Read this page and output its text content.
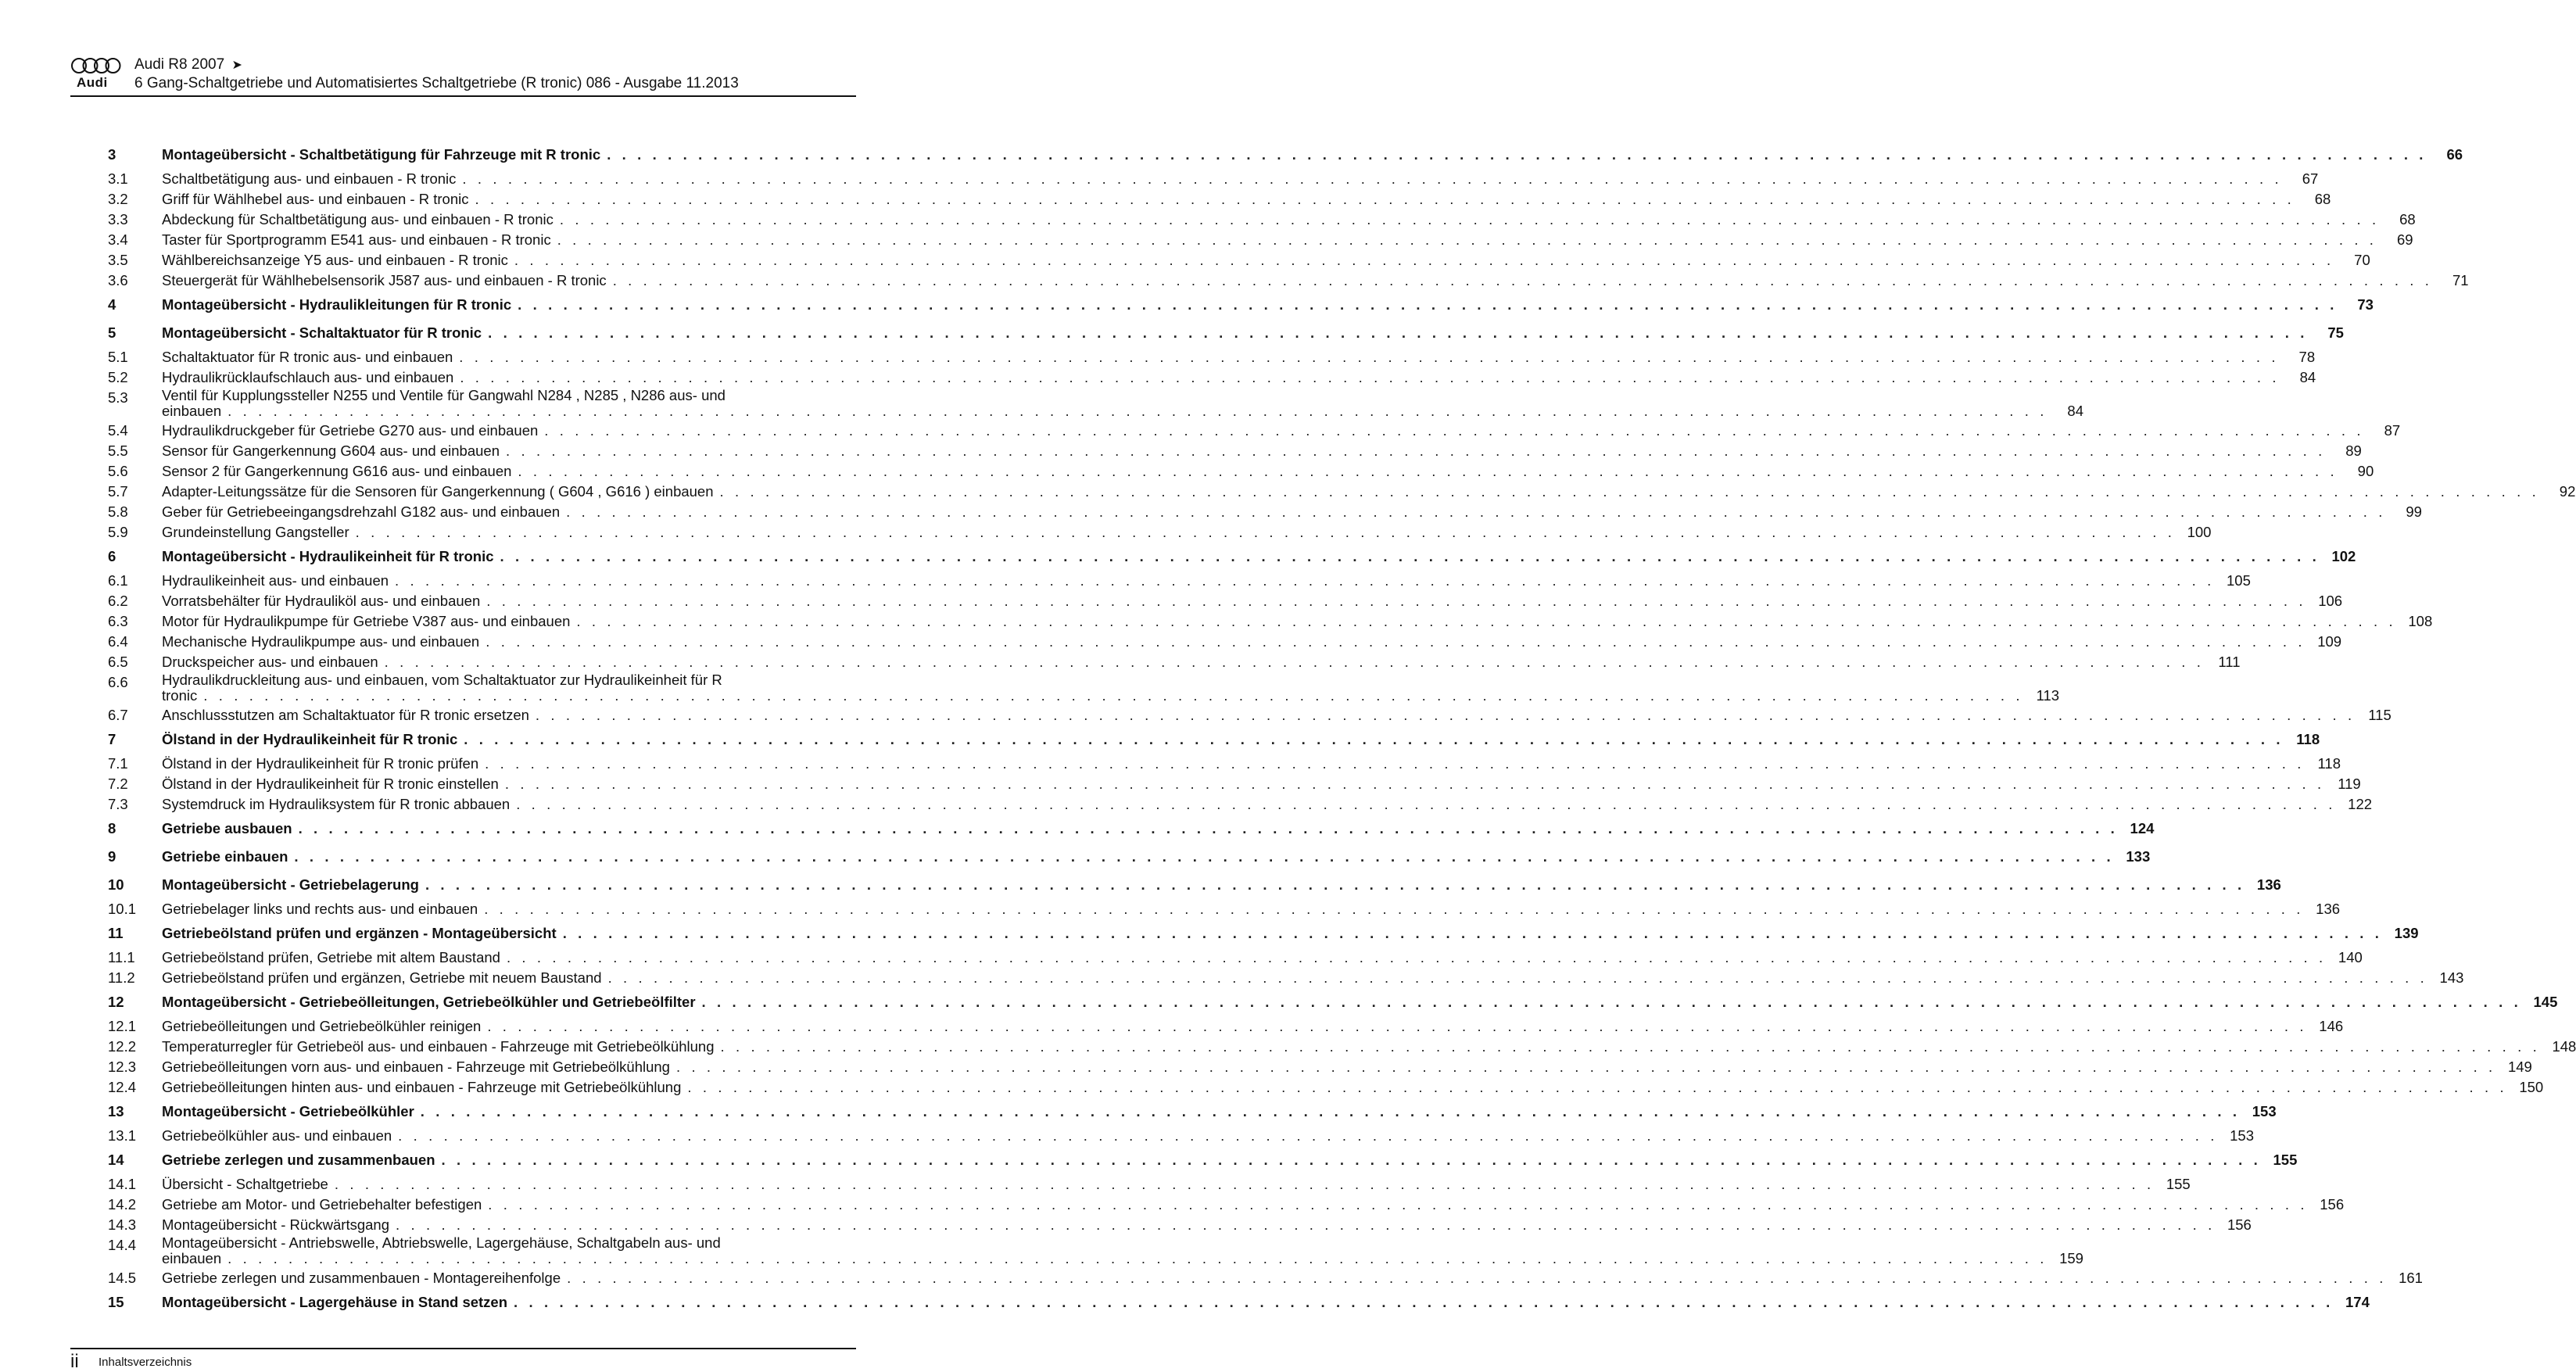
Audi
Audi R8 2007 ➤
6 Gang-Schaltgetriebe und Automatisiertes Schaltgetriebe (R tronic) 086 - Ausgabe 11.2013
3	Montageübersicht - Schaltbetätigung für Fahrzeuge mit R tronic . . . . . . . . . . . . . . . . . . . . . . . . . . . . . . . . . . . . . . . . . . . . . . . . . . . . . . . . . . . . . . . . . . . . . . . . . . . . . . . . . . . . . . . . . . . . . . . . . . . . . . . . . . . . . . . . . . . . . . . .	66
3.1	Schaltbetätigung aus- und einbauen - R tronic . . . . . . . . . . . . . . . . . . . . . . . . . . . . . . . . . . . . . . . . . . . . . . . . . . . . . . . . . . . . . . . . . . . . . . . . . . . . . . . . . . . . . . . . . . . . . . . . . . . . . . . . . . . . . . . . . . . . . . . .	67
3.2	Griff für Wählhebel aus- und einbauen - R tronic . . . . . . . . . . . . . . . . . . . . . . . . . . . . . . . . . . . . . . . . . . . . . . . . . . . . . . . . . . . . . . . . . . . . . . . . . . . . . . . . . . . . . . . . . . . . . . . . . . . . . . . . . . . . . . . . . . . . . . . .	68
3.3	Abdeckung für Schaltbetätigung aus- und einbauen - R tronic . . . . . . . . . . . . . . . . . . . . . . . . . . . . . . . . . . . . . . . . . . . . . . . . . . . . . . . . . . . . . . . . . . . . . . . . . . . . . . . . . . . . . . . . . . . . . . . . . . . . . . . . . . . . . . . . . . . . . . . .	68
3.4	Taster für Sportprogramm E541 aus- und einbauen - R tronic . . . . . . . . . . . . . . . . . . . . . . . . . . . . . . . . . . . . . . . . . . . . . . . . . . . . . . . . . . . . . . . . . . . . . . . . . . . . . . . . . . . . . . . . . . . . . . . . . . . . . . . . . . . . . . . . . . . . . . . .	69
3.5	Wählbereichsanzeige Y5 aus- und einbauen - R tronic . . . . . . . . . . . . . . . . . . . . . . . . . . . . . . . . . . . . . . . . . . . . . . . . . . . . . . . . . . . . . . . . . . . . . . . . . . . . . . . . . . . . . . . . . . . . . . . . . . . . . . . . . . . . . . . . . . . . . . . .	70
3.6	Steuergerät für Wählhebelsensorik J587 aus- und einbauen - R tronic . . . . . . . . . . . . . . . . . . . . . . . . . . . . . . . . . . . . . . . . . . . . . . . . . . . . . . . . . . . . . . . . . . . . . . . . . . . . . . . . . . . . . . . . . . . . . . . . . . . . . . . . . . . . . . . . . . . . . . . .	71
4	Montageübersicht - Hydraulikleitungen für R tronic . . . . . . . . . . . . . . . . . . . . . . . . . . . . . . . . . . . . . . . . . . . . . . . . . . . . . . . . . . . . . . . . . . . . . . . . . . . . . . . . . . . . . . . . . . . . . . . . . . . . . . . . . . . . . . . . . . . . . . . .	73
5	Montageübersicht - Schaltaktuator für R tronic . . . . . . . . . . . . . . . . . . . . . . . . . . . . . . . . . . . . . . . . . . . . . . . . . . . . . . . . . . . . . . . . . . . . . . . . . . . . . . . . . . . . . . . . . . . . . . . . . . . . . . . . . . . . . . . . . . . . . . . .	75
5.1	Schaltaktuator für R tronic aus- und einbauen . . . . . . . . . . . . . . . . . . . . . . . . . . . . . . . . . . . . . . . . . . . . . . . . . . . . . . . . . . . . . . . . . . . . . . . . . . . . . . . . . . . . . . . . . . . . . . . . . . . . . . . . . . . . . . . . . . . . . . . .	78
5.2	Hydraulikrücklaufschlauch aus- und einbauen . . . . . . . . . . . . . . . . . . . . . . . . . . . . . . . . . . . . . . . . . . . . . . . . . . . . . . . . . . . . . . . . . . . . . . . . . . . . . . . . . . . . . . . . . . . . . . . . . . . . . . . . . . . . . . . . . . . . . . . .	84
5.3	Ventil für Kupplungssteller N255 und Ventile für Gangwahl N284 , N285 , N286 aus- und
einbauen . . . . . . . . . . . . . . . . . . . . . . . . . . . . . . . . . . . . . . . . . . . . . . . . . . . . . . . . . . . . . . . . . . . . . . . . . . . . . . . . . . . . . . . . . . . . . . . . . . . . . . . . . . . . . . . . . . . . . . . .	84
5.4	Hydraulikdruckgeber für Getriebe G270 aus- und einbauen . . . . . . . . . . . . . . . . . . . . . . . . . . . . . . . . . . . . . . . . . . . . . . . . . . . . . . . . . . . . . . . . . . . . . . . . . . . . . . . . . . . . . . . . . . . . . . . . . . . . . . . . . . . . . . . . . . . . . . . .	87
5.5	Sensor für Gangerkennung G604 aus- und einbauen . . . . . . . . . . . . . . . . . . . . . . . . . . . . . . . . . . . . . . . . . . . . . . . . . . . . . . . . . . . . . . . . . . . . . . . . . . . . . . . . . . . . . . . . . . . . . . . . . . . . . . . . . . . . . . . . . . . . . . . .	89
5.6	Sensor 2 für Gangerkennung G616 aus- und einbauen . . . . . . . . . . . . . . . . . . . . . . . . . . . . . . . . . . . . . . . . . . . . . . . . . . . . . . . . . . . . . . . . . . . . . . . . . . . . . . . . . . . . . . . . . . . . . . . . . . . . . . . . . . . . . . . . . . . . . . . .	90
5.7	Adapter-Leitungssätze für die Sensoren für Gangerkennung ( G604 , G616 ) einbauen . . . . . . . . . . . . . . . . . . . . . . . . . . . . . . . . . . . . . . . . . . . . . . . . . . . . . . . . . . . . . . . . . . . . . . . . . . . . . . . . . . . . . . . . . . . . . . . . . . . . . . . . . . . . . . . . . . . . . . . .	92
5.8	Geber für Getriebeeingangsdrehzahl G182 aus- und einbauen . . . . . . . . . . . . . . . . . . . . . . . . . . . . . . . . . . . . . . . . . . . . . . . . . . . . . . . . . . . . . . . . . . . . . . . . . . . . . . . . . . . . . . . . . . . . . . . . . . . . . . . . . . . . . . . . . . . . . . . .	99
5.9	Grundeinstellung Gangsteller . . . . . . . . . . . . . . . . . . . . . . . . . . . . . . . . . . . . . . . . . . . . . . . . . . . . . . . . . . . . . . . . . . . . . . . . . . . . . . . . . . . . . . . . . . . . . . . . . . . . . . . . . . . . . . . . . . . . . . . . 100
6	Montageübersicht - Hydraulikeinheit für R tronic . . . . . . . . . . . . . . . . . . . . . . . . . . . . . . . . . . . . . . . . . . . . . . . . . . . . . . . . . . . . . . . . . . . . . . . . . . . . . . . . . . . . . . . . . . . . . . . . . . . . . . . . . . . . . . . . . . . . . . . . 102
6.1	Hydraulikeinheit aus- und einbauen . . . . . . . . . . . . . . . . . . . . . . . . . . . . . . . . . . . . . . . . . . . . . . . . . . . . . . . . . . . . . . . . . . . . . . . . . . . . . . . . . . . . . . . . . . . . . . . . . . . . . . . . . . . . . . . . . . . . . . . . 105
6.2	Vorratsbehälter für Hydrauliköl aus- und einbauen . . . . . . . . . . . . . . . . . . . . . . . . . . . . . . . . . . . . . . . . . . . . . . . . . . . . . . . . . . . . . . . . . . . . . . . . . . . . . . . . . . . . . . . . . . . . . . . . . . . . . . . . . . . . . . . . . . . . . . . . 106
6.3	Motor für Hydraulikpumpe für Getriebe V387 aus- und einbauen . . . . . . . . . . . . . . . . . . . . . . . . . . . . . . . . . . . . . . . . . . . . . . . . . . . . . . . . . . . . . . . . . . . . . . . . . . . . . . . . . . . . . . . . . . . . . . . . . . . . . . . . . . . . . . . . . . . . . . . . 108
6.4	Mechanische Hydraulikpumpe aus- und einbauen . . . . . . . . . . . . . . . . . . . . . . . . . . . . . . . . . . . . . . . . . . . . . . . . . . . . . . . . . . . . . . . . . . . . . . . . . . . . . . . . . . . . . . . . . . . . . . . . . . . . . . . . . . . . . . . . . . . . . . . . 109
6.5	Druckspeicher aus- und einbauen . . . . . . . . . . . . . . . . . . . . . . . . . . . . . . . . . . . . . . . . . . . . . . . . . . . . . . . . . . . . . . . . . . . . . . . . . . . . . . . . . . . . . . . . . . . . . . . . . . . . . . . . . . . . . . . . . . . . . . . . 111
6.6	Hydraulikdruckleitung aus- und einbauen, vom Schaltaktuator zur Hydraulikeinheit für R
tronic . . . . . . . . . . . . . . . . . . . . . . . . . . . . . . . . . . . . . . . . . . . . . . . . . . . . . . . . . . . . . . . . . . . . . . . . . . . . . . . . . . . . . . . . . . . . . . . . . . . . . . . . . . . . . . . . . . . . . . . . 113
6.7	Anschlussstutzen am Schaltaktuator für R tronic ersetzen . . . . . . . . . . . . . . . . . . . . . . . . . . . . . . . . . . . . . . . . . . . . . . . . . . . . . . . . . . . . . . . . . . . . . . . . . . . . . . . . . . . . . . . . . . . . . . . . . . . . . . . . . . . . . . . . . . . . . . . . 115
7	Ölstand in der Hydraulikeinheit für R tronic . . . . . . . . . . . . . . . . . . . . . . . . . . . . . . . . . . . . . . . . . . . . . . . . . . . . . . . . . . . . . . . . . . . . . . . . . . . . . . . . . . . . . . . . . . . . . . . . . . . . . . . . . . . . . . . . . . . . . . . . 118
7.1	Ölstand in der Hydraulikeinheit für R tronic prüfen . . . . . . . . . . . . . . . . . . . . . . . . . . . . . . . . . . . . . . . . . . . . . . . . . . . . . . . . . . . . . . . . . . . . . . . . . . . . . . . . . . . . . . . . . . . . . . . . . . . . . . . . . . . . . . . . . . . . . . . . 118
7.2	Ölstand in der Hydraulikeinheit für R tronic einstellen . . . . . . . . . . . . . . . . . . . . . . . . . . . . . . . . . . . . . . . . . . . . . . . . . . . . . . . . . . . . . . . . . . . . . . . . . . . . . . . . . . . . . . . . . . . . . . . . . . . . . . . . . . . . . . . . . . . . . . . . 119
7.3	Systemdruck im Hydrauliksystem für R tronic abbauen . . . . . . . . . . . . . . . . . . . . . . . . . . . . . . . . . . . . . . . . . . . . . . . . . . . . . . . . . . . . . . . . . . . . . . . . . . . . . . . . . . . . . . . . . . . . . . . . . . . . . . . . . . . . . . . . . . . . . . . . 122
8	Getriebe ausbauen . . . . . . . . . . . . . . . . . . . . . . . . . . . . . . . . . . . . . . . . . . . . . . . . . . . . . . . . . . . . . . . . . . . . . . . . . . . . . . . . . . . . . . . . . . . . . . . . . . . . . . . . . . . . . . . . . . . . . . . . 124
9	Getriebe einbauen . . . . . . . . . . . . . . . . . . . . . . . . . . . . . . . . . . . . . . . . . . . . . . . . . . . . . . . . . . . . . . . . . . . . . . . . . . . . . . . . . . . . . . . . . . . . . . . . . . . . . . . . . . . . . . . . . . . . . . . . 133
10	Montageübersicht - Getriebelagerung . . . . . . . . . . . . . . . . . . . . . . . . . . . . . . . . . . . . . . . . . . . . . . . . . . . . . . . . . . . . . . . . . . . . . . . . . . . . . . . . . . . . . . . . . . . . . . . . . . . . . . . . . . . . . . . . . . . . . . . . 136
10.1	Getriebelager links und rechts aus- und einbauen . . . . . . . . . . . . . . . . . . . . . . . . . . . . . . . . . . . . . . . . . . . . . . . . . . . . . . . . . . . . . . . . . . . . . . . . . . . . . . . . . . . . . . . . . . . . . . . . . . . . . . . . . . . . . . . . . . . . . . . . 136
11	Getriebeölstand prüfen und ergänzen - Montageübersicht . . . . . . . . . . . . . . . . . . . . . . . . . . . . . . . . . . . . . . . . . . . . . . . . . . . . . . . . . . . . . . . . . . . . . . . . . . . . . . . . . . . . . . . . . . . . . . . . . . . . . . . . . . . . . . . . . . . . . . . . 139
11.1	Getriebeölstand prüfen, Getriebe mit altem Baustand . . . . . . . . . . . . . . . . . . . . . . . . . . . . . . . . . . . . . . . . . . . . . . . . . . . . . . . . . . . . . . . . . . . . . . . . . . . . . . . . . . . . . . . . . . . . . . . . . . . . . . . . . . . . . . . . . . . . . . . . 140
11.2	Getriebeölstand prüfen und ergänzen, Getriebe mit neuem Baustand . . . . . . . . . . . . . . . . . . . . . . . . . . . . . . . . . . . . . . . . . . . . . . . . . . . . . . . . . . . . . . . . . . . . . . . . . . . . . . . . . . . . . . . . . . . . . . . . . . . . . . . . . . . . . . . . . . . . . . . . 143
12	Montageübersicht - Getriebeölleitungen, Getriebeölkühler und Getriebeölfilter . . . . . . . . . . . . . . . . . . . . . . . . . . . . . . . . . . . . . . . . . . . . . . . . . . . . . . . . . . . . . . . . . . . . . . . . . . . . . . . . . . . . . . . . . . . . . . . . . . . . . . . . . . . . . . . . . . . . . . . . 145
12.1	Getriebeölleitungen und Getriebeölkühler reinigen . . . . . . . . . . . . . . . . . . . . . . . . . . . . . . . . . . . . . . . . . . . . . . . . . . . . . . . . . . . . . . . . . . . . . . . . . . . . . . . . . . . . . . . . . . . . . . . . . . . . . . . . . . . . . . . . . . . . . . . . 146
12.2	Temperaturregler für Getriebeöl aus- und einbauen - Fahrzeuge mit Getriebeölkühlung . . . . . . . . . . . . . . . . . . . . . . . . . . . . . . . . . . . . . . . . . . . . . . . . . . . . . . . . . . . . . . . . . . . . . . . . . . . . . . . . . . . . . . . . . . . . . . . . . . . . . . . . . . . . . . . . . . . . . . . . 148
12.3	Getriebeölleitungen vorn aus- und einbauen - Fahrzeuge mit Getriebeölkühlung . . . . . . . . . . . . . . . . . . . . . . . . . . . . . . . . . . . . . . . . . . . . . . . . . . . . . . . . . . . . . . . . . . . . . . . . . . . . . . . . . . . . . . . . . . . . . . . . . . . . . . . . . . . . . . . . . . . . . . . . 149
12.4	Getriebeölleitungen hinten aus- und einbauen - Fahrzeuge mit Getriebeölkühlung . . . . . . . . . . . . . . . . . . . . . . . . . . . . . . . . . . . . . . . . . . . . . . . . . . . . . . . . . . . . . . . . . . . . . . . . . . . . . . . . . . . . . . . . . . . . . . . . . . . . . . . . . . . . . . . . . . . . . . . . 150
13	Montageübersicht - Getriebeölkühler . . . . . . . . . . . . . . . . . . . . . . . . . . . . . . . . . . . . . . . . . . . . . . . . . . . . . . . . . . . . . . . . . . . . . . . . . . . . . . . . . . . . . . . . . . . . . . . . . . . . . . . . . . . . . . . . . . . . . . . . 153
13.1	Getriebeölkühler aus- und einbauen . . . . . . . . . . . . . . . . . . . . . . . . . . . . . . . . . . . . . . . . . . . . . . . . . . . . . . . . . . . . . . . . . . . . . . . . . . . . . . . . . . . . . . . . . . . . . . . . . . . . . . . . . . . . . . . . . . . . . . . . 153
14	Getriebe zerlegen und zusammenbauen . . . . . . . . . . . . . . . . . . . . . . . . . . . . . . . . . . . . . . . . . . . . . . . . . . . . . . . . . . . . . . . . . . . . . . . . . . . . . . . . . . . . . . . . . . . . . . . . . . . . . . . . . . . . . . . . . . . . . . . . 155
14.1	Übersicht - Schaltgetriebe . . . . . . . . . . . . . . . . . . . . . . . . . . . . . . . . . . . . . . . . . . . . . . . . . . . . . . . . . . . . . . . . . . . . . . . . . . . . . . . . . . . . . . . . . . . . . . . . . . . . . . . . . . . . . . . . . . . . . . . . 155
14.2	Getriebe am Motor- und Getriebehalter befestigen . . . . . . . . . . . . . . . . . . . . . . . . . . . . . . . . . . . . . . . . . . . . . . . . . . . . . . . . . . . . . . . . . . . . . . . . . . . . . . . . . . . . . . . . . . . . . . . . . . . . . . . . . . . . . . . . . . . . . . . . 156
14.3	Montageübersicht - Rückwärtsgang . . . . . . . . . . . . . . . . . . . . . . . . . . . . . . . . . . . . . . . . . . . . . . . . . . . . . . . . . . . . . . . . . . . . . . . . . . . . . . . . . . . . . . . . . . . . . . . . . . . . . . . . . . . . . . . . . . . . . . . . 156
14.4	Montageübersicht - Antriebswelle, Abtriebswelle, Lagergehäuse, Schaltgabeln aus- und
einbauen . . . . . . . . . . . . . . . . . . . . . . . . . . . . . . . . . . . . . . . . . . . . . . . . . . . . . . . . . . . . . . . . . . . . . . . . . . . . . . . . . . . . . . . . . . . . . . . . . . . . . . . . . . . . . . . . . . . . . . . . 159
14.5	Getriebe zerlegen und zusammenbauen - Montagereihenfolge . . . . . . . . . . . . . . . . . . . . . . . . . . . . . . . . . . . . . . . . . . . . . . . . . . . . . . . . . . . . . . . . . . . . . . . . . . . . . . . . . . . . . . . . . . . . . . . . . . . . . . . . . . . . . . . . . . . . . . . . 161
15	Montageübersicht - Lagergehäuse in Stand setzen . . . . . . . . . . . . . . . . . . . . . . . . . . . . . . . . . . . . . . . . . . . . . . . . . . . . . . . . . . . . . . . . . . . . . . . . . . . . . . . . . . . . . . . . . . . . . . . . . . . . . . . . . . . . . . . . . . . . . . . . 174
ii Inhaltsverzeichnis
